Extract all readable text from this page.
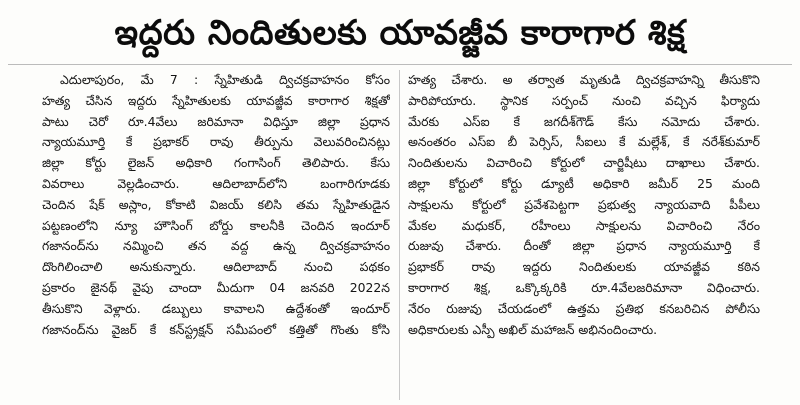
ఇద్దరు నిందితులకు యావజ్జీవ కారాగార శిక్ష
ఎదులాపురం, మే 7 : స్నేహితుడి ద్విచక్రవాహనం కోసం
హత్య చేసిన ఇద్దరు స్నేహితులకు యావజ్జీవ కారాగార శిక్షతో
పాటు చెరో రూ.4వేలు జరిమానా విధిస్తూ జిల్లా ప్రధాన
న్యాయమూర్తి కే ప్రభాకర్ రావు తీర్పును వెలువరించినట్లు
జిల్లా కోర్టు లైజన్ అధికారి గంగాసింగ్ తెలిపారు. కేసు
వివరాలు వెల్లడించారు. ఆదిలాబాద్‌లోని బంగారిగూడకు
చెందిన షేక్ అస్లాం, కోకాటి విజయ్ కలిసి తమ స్నేహితుడైన
పట్టణంలోని న్యూ హౌసింగ్ బోర్డు కాలనీకి చెందిన ఇందూర్
గజానంద్‌ను నమ్మించి తన వద్ద ఉన్న ద్విచక్రవాహనం
దొంగిలించాలి అనుకున్నారు. ఆదిలాబాద్ నుంచి పథకం
ప్రకారం జైనథ్ వైపు చాందా మీదుగా 04 జనవరి 2022న
తీసుకొని వెళ్లారు. డబ్బులు కావాలని ఉద్దేశంతో ఇందూర్
గజానంద్‌ను వైజర్ కే కన్‌స్ట్రక్షన్ సమీపంలో కత్తితో గొంతు కోసి
హత్య చేశారు. అ తర్వాత మృతుడి ద్విచక్రవాహన్ని తీసుకొని
పారిపోయారు. స్థానిక సర్పంచ్ నుంచి వచ్చిన ఫిర్యాదు
మేరకు ఎస్ఐ కే జగదీశ్‌గౌడ్ కేసు నమోదు చేశారు.
అనంతరం ఎస్‌ఐ బీ పెర్సిస్, సీఐలు కే మల్లేశ్, కే నరేశ్‌కుమార్
నిందితులను విచారించి కోర్టులో చార్జిషీటు దాఖాలు చేశారు.
జిల్లా కోర్టులో కోర్టు డ్యూటీ అధికారి జమీర్ 25 మంది
సాక్షులను కోర్టులో ప్రవేశపెట్టగా ప్రభుత్వ న్యాయవాది పీపీలు
మేకల మధుకర్, రహీంలు సాక్షులను విచారించి నేరం
రుజువు చేశారు. దీంతో జిల్లా ప్రధాన న్యాయమూర్తి కే
ప్రభాకర్ రావు ఇద్దరు నిందితులకు యావజ్జీవ కఠిన
కారాగార శిక్ష, ఒక్కొక్కరికి రూ.4వేలజరిమానా విధించారు.
నేరం రుజువు చేయడంలో ఉత్తమ ప్రతిభ కనబరిచిన పోలీసు
అధికారులకు ఎస్పీ అఖిల్ మహాజన్ అభినందించారు.
